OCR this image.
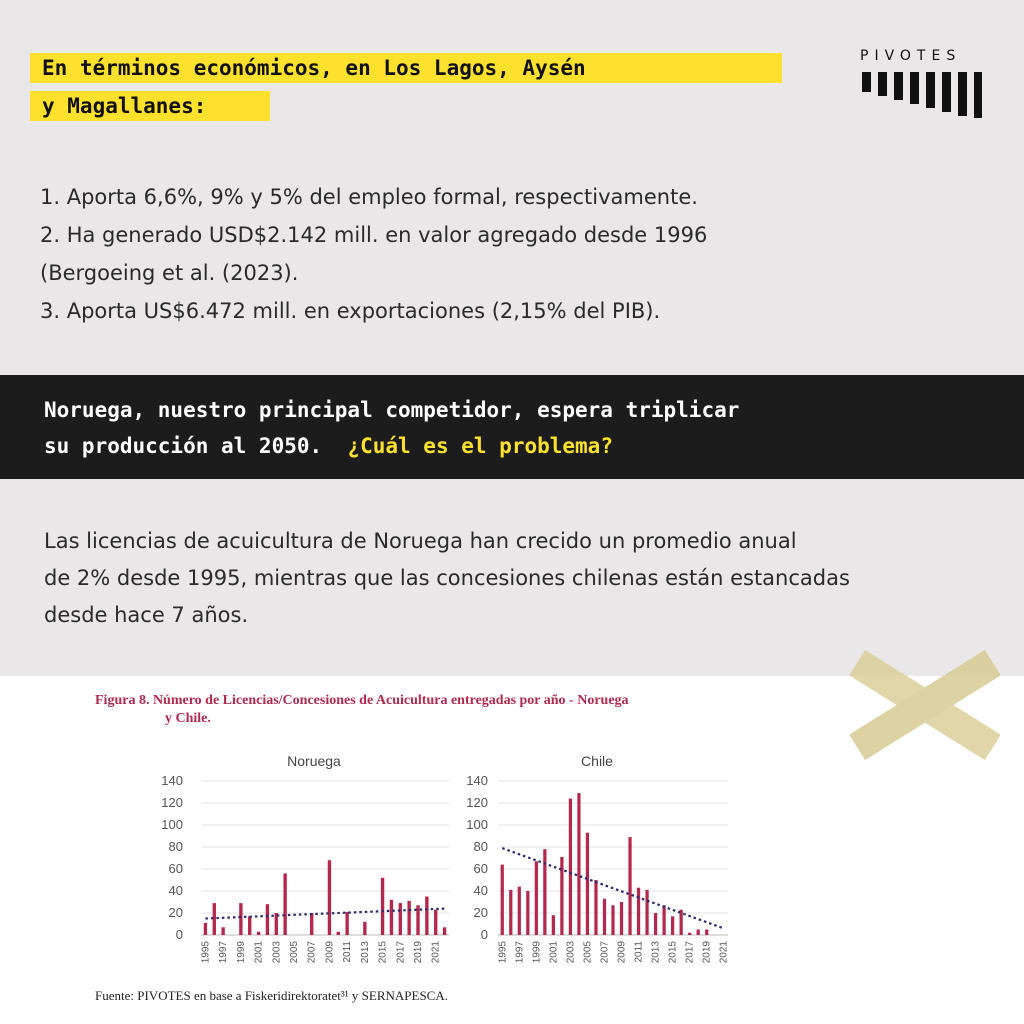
En términos económicos, en Los Lagos, Aysén
y Magallanes:
PIVOTES
1. Aporta 6,6%, 9% y 5% del empleo formal, respectivamente.
2. Ha generado USD$2.142 mill. en valor agregado desde 1996
(Bergoeing et al. (2023).
3. Aporta US$6.472 mill. en exportaciones (2,15% del PIB).
Noruega, nuestro principal competidor, espera triplicar
su producción al 2050. ¿Cuál es el problema?
Las licencias de acuicultura de Noruega han crecido un promedio anual
de 2% desde 1995, mientras que las concesiones chilenas están estancadas
desde hace 7 años.
Figura 8. Número de Licencias/Concesiones de Acuicultura entregadas por año - Noruega
y Chile.
Noruega
0
20
40
60
80
100
120
140
1995 1997 1999 2001 2003 2005 2007 2009 2011 2013 2015 2017 2019 2021
Chile
0
20
40
60
80
100
120
140
1995 1997 1999 2001 2003 2005 2007 2009 2011 2013 2015 2017 2019 2021
Fuente: PIVOTES en base a Fiskeridirektoratet³¹ y SERNAPESCA.
